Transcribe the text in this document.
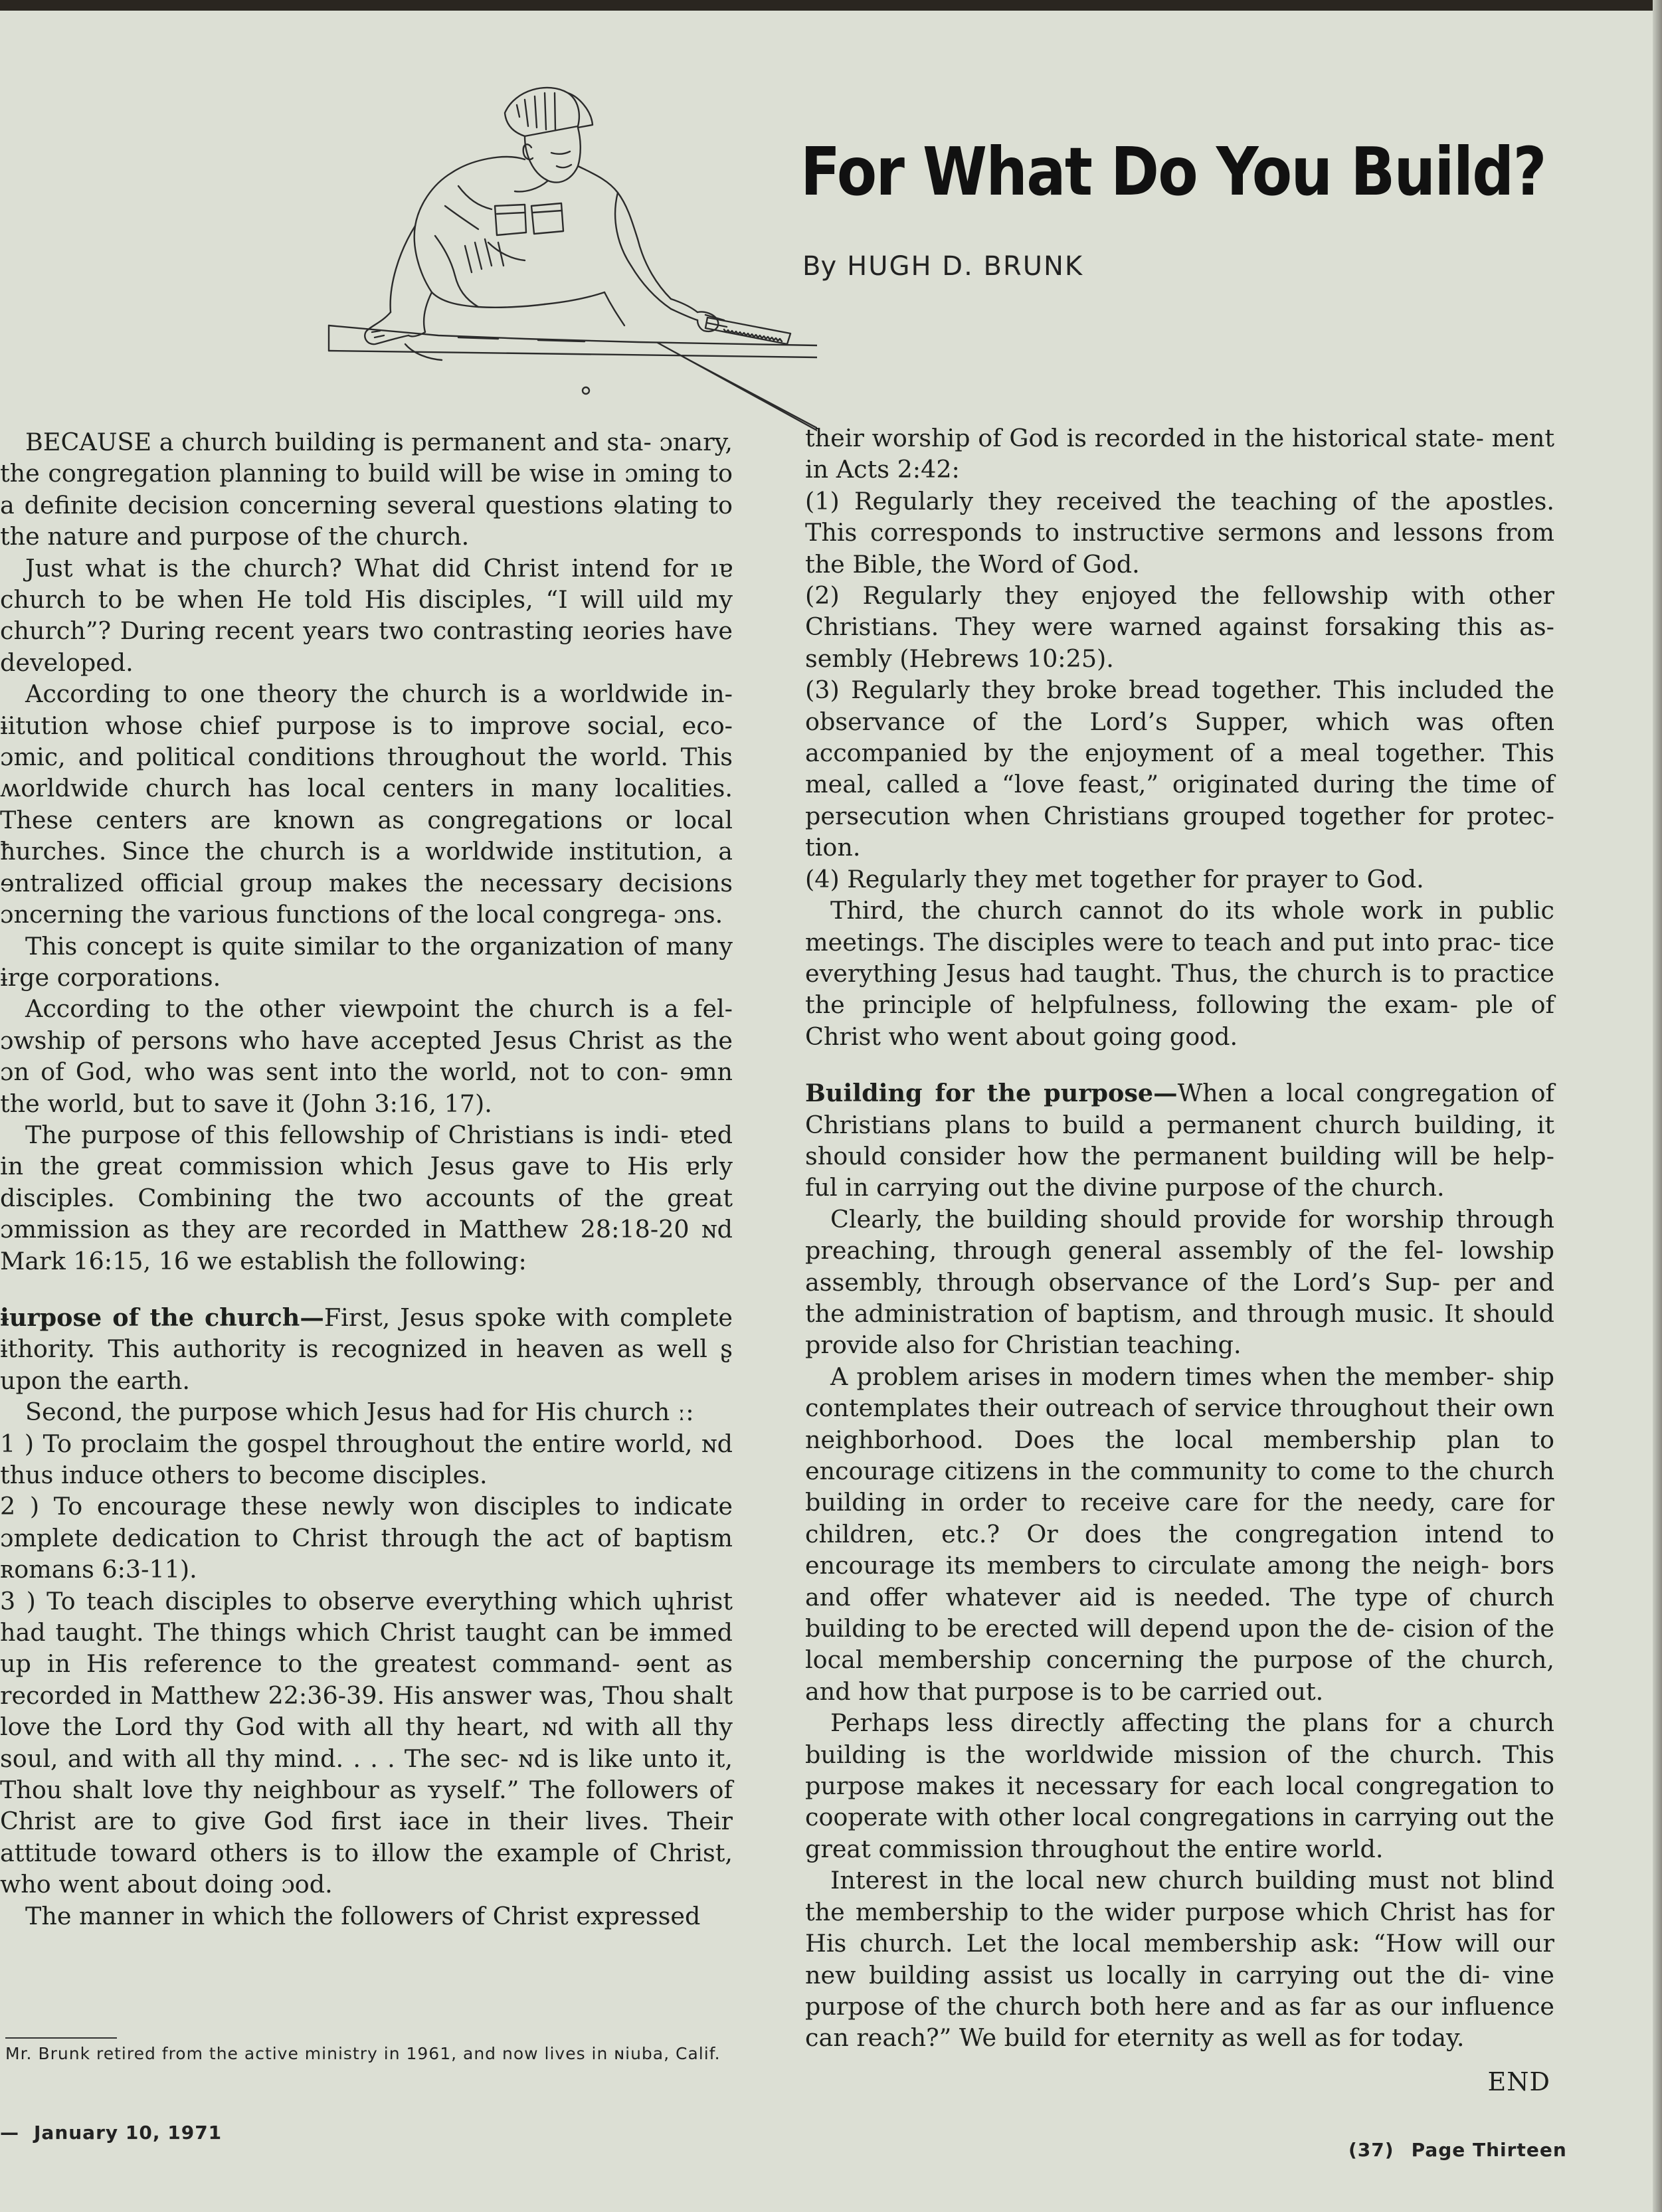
For What Do You Build?
By HUGH D. BRUNK

BECAUSE a church building is permanent and sta- ɔnary, the congregation planning to build will be wise in ɔming to a definite decision concerning several questions ɘlating to the nature and purpose of the church.

Just what is the church? What did Christ intend for ıɐ church to be when He told His disciples, “I will uild my church”? During recent years two contrasting ıeories have developed.

According to one theory the church is a worldwide in- ɨitution whose chief purpose is to improve social, eco- ɔmic, and political conditions throughout the world. This ʍorldwide church has local centers in many localities. These centers are known as congregations or local ħurches. Since the church is a worldwide institution, a ɘntralized official group makes the necessary decisions ɔncerning the various functions of the local congrega- ɔns.

This concept is quite similar to the organization of many ɨrge corporations.

According to the other viewpoint the church is a fel- ɔwship of persons who have accepted Jesus Christ as the ɔn of God, who was sent into the world, not to con- ɘmn the world, but to save it (John 3:16, 17).

The purpose of this fellowship of Christians is indi- ɐted in the great commission which Jesus gave to His ɐrly disciples. Combining the two accounts of the great ɔmmission as they are recorded in Matthew 28:18-20 ɴd Mark 16:15, 16 we establish the following:

ɨurpose of the church—First, Jesus spoke with complete ɨthority. This authority is recognized in heaven as well ʂ upon the earth.

Second, the purpose which Jesus had for His church ː:

1 ) To proclaim the gospel throughout the entire world, ɴd thus induce others to become disciples.

2 ) To encourage these newly won disciples to indicate ɔmplete dedication to Christ through the act of baptism ʀomans 6:3-11).

3 ) To teach disciples to observe everything which ɰhrist had taught. The things which Christ taught can be ɨmmed up in His reference to the greatest command- ɘent as recorded in Matthew 22:36-39. His answer was, Thou shalt love the Lord thy God with all thy heart, ɴd with all thy soul, and with all thy mind. . . . The sec- ɴd is like unto it, Thou shalt love thy neighbour as ʏyself.” The followers of Christ are to give God first ɨace in their lives. Their attitude toward others is to ɨllow the example of Christ, who went about doing ɔod.

The manner in which the followers of Christ expressed

their worship of God is recorded in the historical state- ment in Acts 2:42:

(1) Regularly they received the teaching of the apostles. This corresponds to instructive sermons and lessons from the Bible, the Word of God.

(2) Regularly they enjoyed the fellowship with other Christians. They were warned against forsaking this as- sembly (Hebrews 10:25).

(3) Regularly they broke bread together. This included the observance of the Lord’s Supper, which was often accompanied by the enjoyment of a meal together. This meal, called a “love feast,” originated during the time of persecution when Christians grouped together for protec- tion.

(4) Regularly they met together for prayer to God.

Third, the church cannot do its whole work in public meetings. The disciples were to teach and put into prac- tice everything Jesus had taught. Thus, the church is to practice the principle of helpfulness, following the exam- ple of Christ who went about going good.

Building for the purpose—When a local congregation of Christians plans to build a permanent church building, it should consider how the permanent building will be help- ful in carrying out the divine purpose of the church.

Clearly, the building should provide for worship through preaching, through general assembly of the fel- lowship assembly, through observance of the Lord’s Sup- per and the administration of baptism, and through music. It should provide also for Christian teaching.

A problem arises in modern times when the member- ship contemplates their outreach of service throughout their own neighborhood. Does the local membership plan to encourage citizens in the community to come to the church building in order to receive care for the needy, care for children, etc.? Or does the congregation intend to encourage its members to circulate among the neigh- bors and offer whatever aid is needed. The type of church building to be erected will depend upon the de- cision of the local membership concerning the purpose of the church, and how that purpose is to be carried out.

Perhaps less directly affecting the plans for a church building is the worldwide mission of the church. This purpose makes it necessary for each local congregation to cooperate with other local congregations in carrying out the great commission throughout the entire world.

Interest in the local new church building must not blind the membership to the wider purpose which Christ has for His church. Let the local membership ask: “How will our new building assist us locally in carrying out the di- vine purpose of the church both here and as far as our influence can reach?” We build for eternity as well as for today.

END
Mr. Brunk retired from the active ministry in 1961, and now lives in ɴiuba, Calif.
— January 10, 1971
(37) Page Thirteen
